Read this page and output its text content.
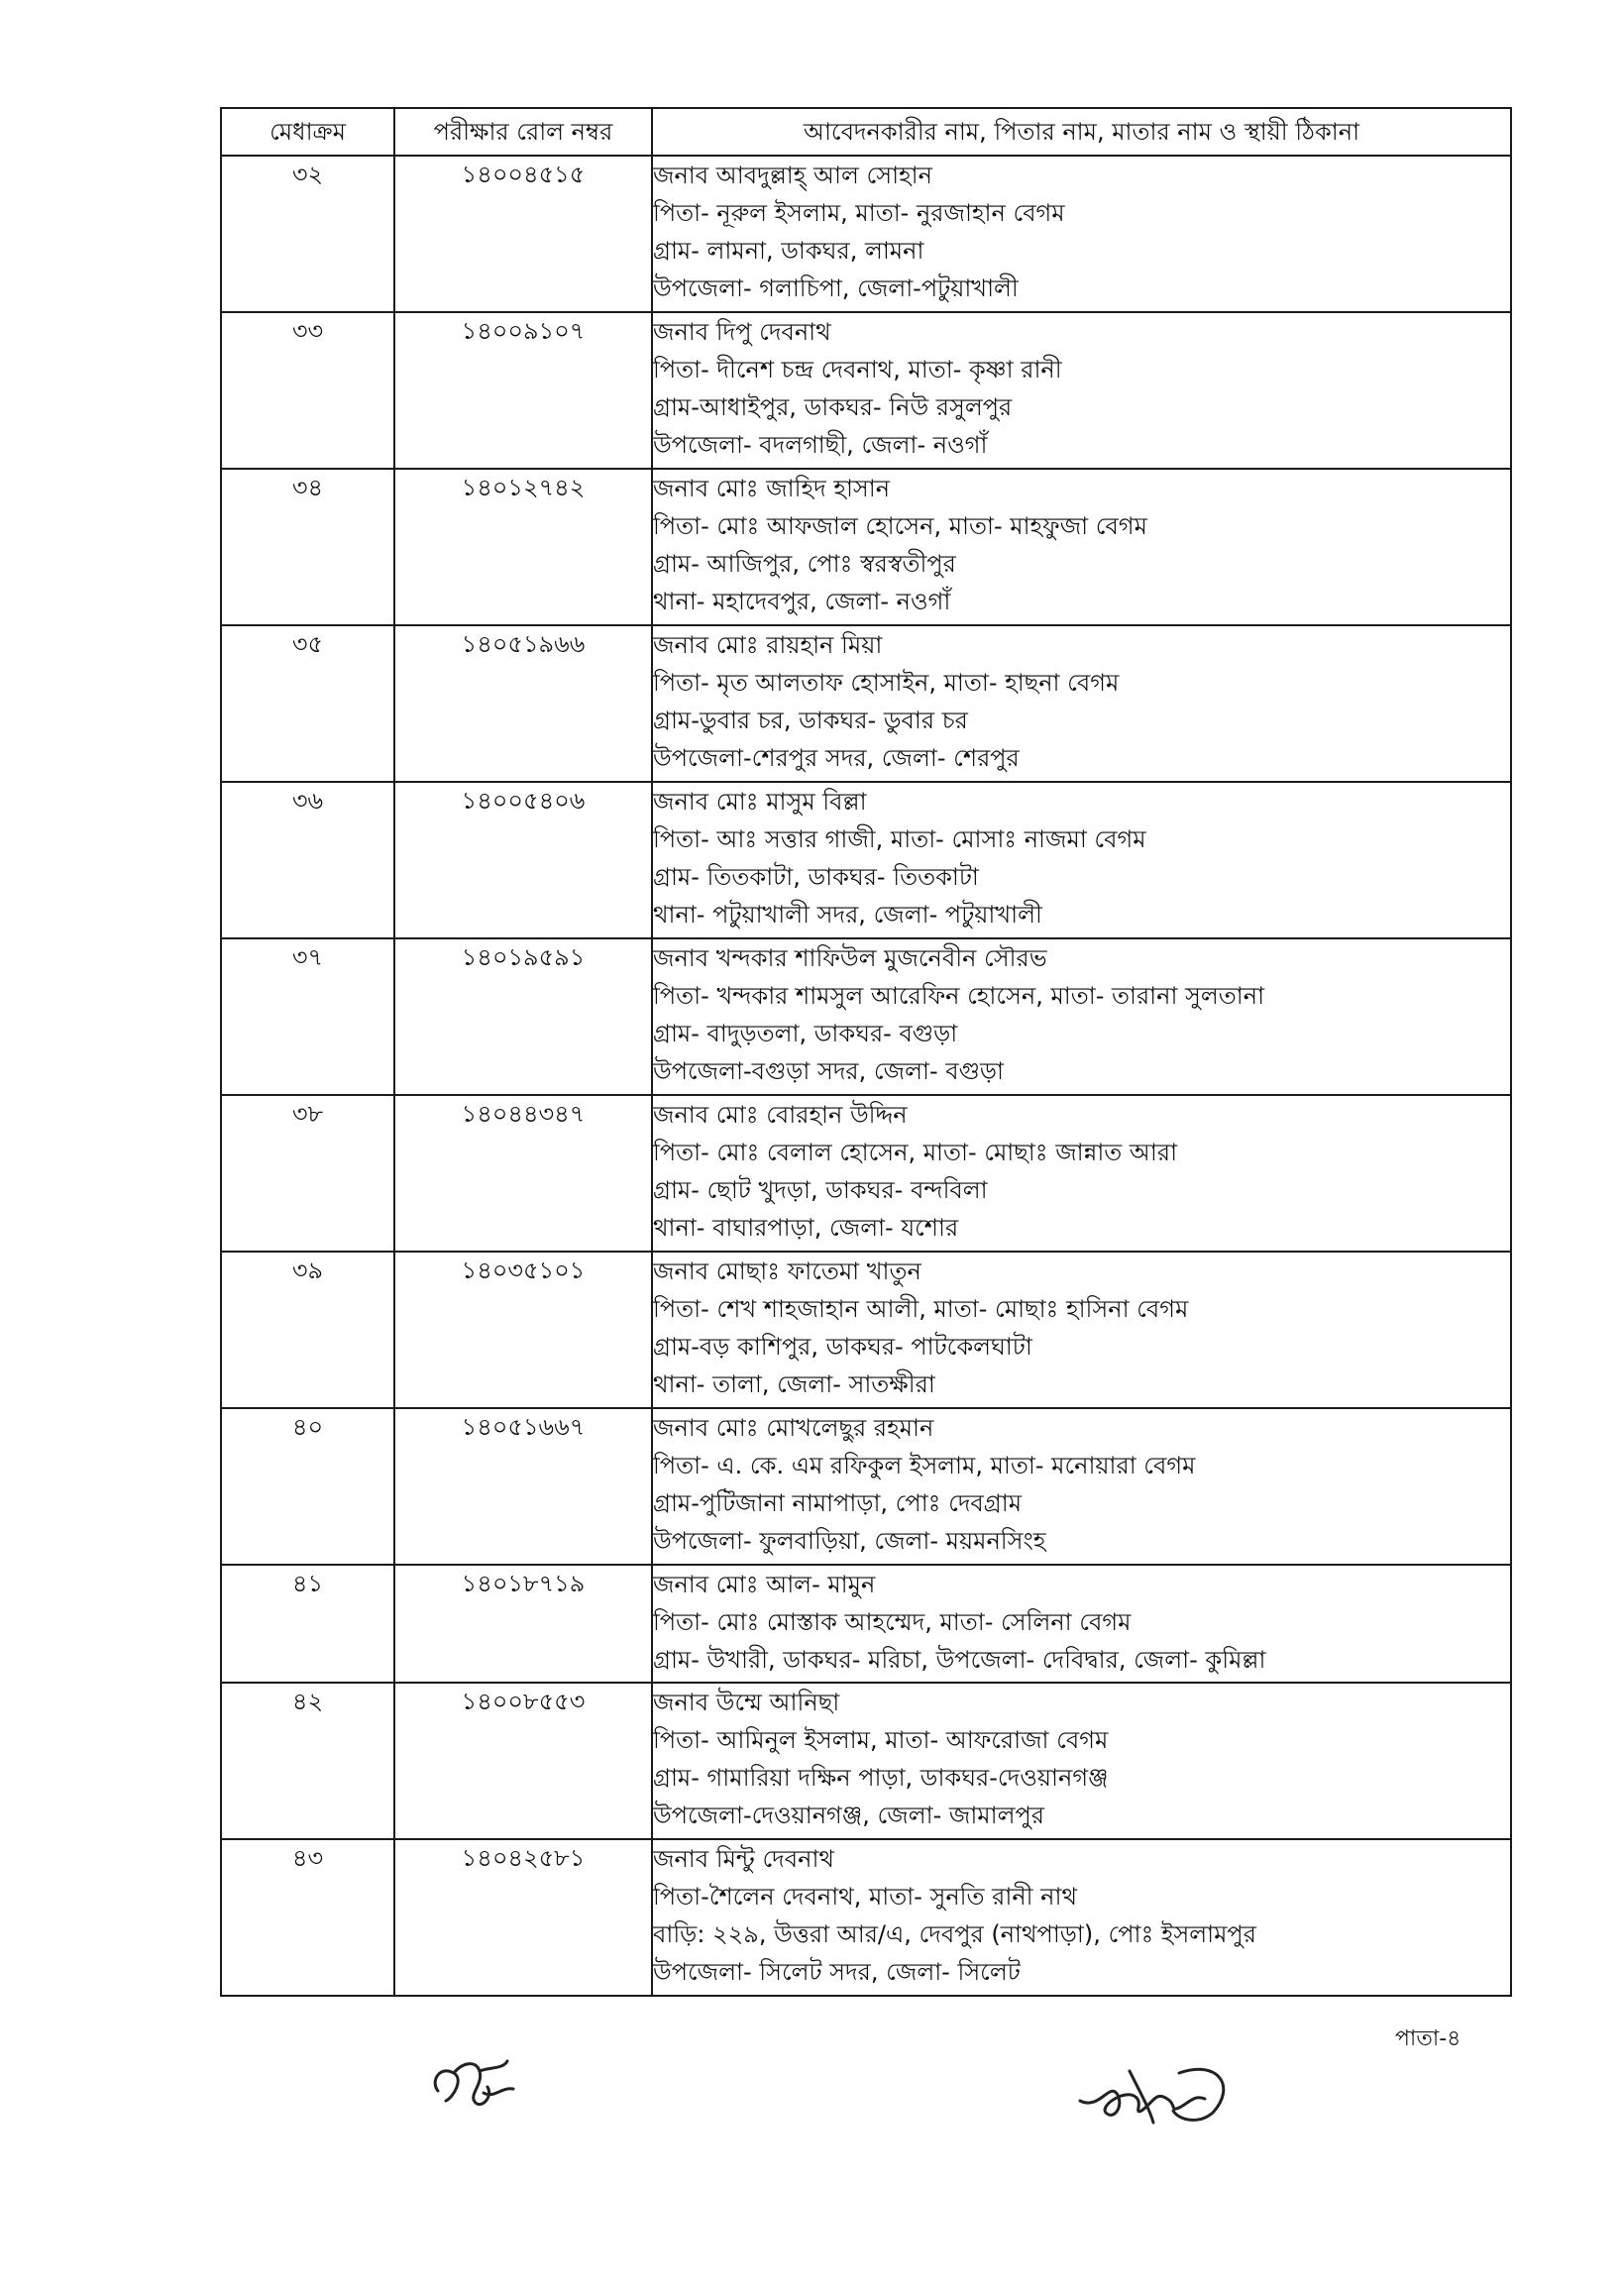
মেধাক্রম	পরীক্ষার রোল নম্বর	আবেদনকারীর নাম, পিতার নাম, মাতার নাম ও স্থায়ী ঠিকানা
৩২	১৪০০৪৫১৫	জনাব আবদুল্লাহ্ আল সোহান
পিতা- নূরুল ইসলাম, মাতা- নুরজাহান বেগম
গ্রাম- লামনা, ডাকঘর, লামনা
উপজেলা- গলাচিপা, জেলা-পটুয়াখালী

৩৩	১৪০০৯১০৭	জনাব দিপু দেবনাথ
পিতা- দীনেশ চন্দ্র দেবনাথ, মাতা- কৃষ্ণা রানী
গ্রাম-আধাইপুর, ডাকঘর- নিউ রসুলপুর
উপজেলা- বদলগাছী, জেলা- নওগাঁ

৩৪	১৪০১২৭৪২	জনাব মোঃ জাহিদ হাসান
পিতা- মোঃ আফজাল হোসেন, মাতা- মাহফুজা বেগম
গ্রাম- আজিপুর, পোঃ স্বরস্বতীপুর
থানা- মহাদেবপুর, জেলা- নওগাঁ

৩৫	১৪০৫১৯৬৬	জনাব মোঃ রায়হান মিয়া
পিতা- মৃত আলতাফ হোসাইন, মাতা- হাছনা বেগম
গ্রাম-ডুবার চর, ডাকঘর- ডুবার চর
উপজেলা-শেরপুর সদর, জেলা- শেরপুর

৩৬	১৪০০৫৪০৬	জনাব মোঃ মাসুম বিল্লা
পিতা- আঃ সত্তার গাজী, মাতা- মোসাঃ নাজমা বেগম
গ্রাম- তিতকাটা, ডাকঘর- তিতকাটা
থানা- পটুয়াখালী সদর, জেলা- পটুয়াখালী

৩৭	১৪০১৯৫৯১	জনাব খন্দকার শাফিউল মুজনেবীন সৌরভ
পিতা- খন্দকার শামসুল আরেফিন হোসেন, মাতা- তারানা সুলতানা
গ্রাম- বাদুড়তলা, ডাকঘর- বগুড়া
উপজেলা-বগুড়া সদর, জেলা- বগুড়া

৩৮	১৪০৪৪৩৪৭	জনাব মোঃ বোরহান উদ্দিন
পিতা- মোঃ বেলাল হোসেন, মাতা- মোছাঃ জান্নাত আরা
গ্রাম- ছোট খুদড়া, ডাকঘর- বন্দবিলা
থানা- বাঘারপাড়া, জেলা- যশোর

৩৯	১৪০৩৫১০১	জনাব মোছাঃ ফাতেমা খাতুন
পিতা- শেখ শাহজাহান আলী, মাতা- মোছাঃ হাসিনা বেগম
গ্রাম-বড় কাশিপুর, ডাকঘর- পাটকেলঘাটা
থানা- তালা, জেলা- সাতক্ষীরা

৪০	১৪০৫১৬৬৭	জনাব মোঃ মোখলেছুর রহমান
পিতা- এ. কে. এম রফিকুল ইসলাম, মাতা- মনোয়ারা বেগম
গ্রাম-পুটিজানা নামাপাড়া, পোঃ দেবগ্রাম
উপজেলা- ফুলবাড়িয়া, জেলা- ময়মনসিংহ

৪১	১৪০১৮৭১৯	জনাব মোঃ আল- মামুন
পিতা- মোঃ মোস্তাক আহম্মেদ, মাতা- সেলিনা বেগম
গ্রাম- উখারী, ডাকঘর- মরিচা, উপজেলা- দেবিদ্বার, জেলা- কুমিল্লা

৪২	১৪০০৮৫৫৩	জনাব উম্মে আনিছা
পিতা- আমিনুল ইসলাম, মাতা- আফরোজা বেগম
গ্রাম- গামারিয়া দক্ষিন পাড়া, ডাকঘর-দেওয়ানগঞ্জ
উপজেলা-দেওয়ানগঞ্জ, জেলা- জামালপুর

৪৩	১৪০৪২৫৮১	জনাব মিন্টু দেবনাথ
পিতা-শৈলেন দেবনাথ, মাতা- সুনতি রানী নাথ
বাড়ি: ২২৯, উত্তরা আর/এ, দেবপুর (নাথপাড়া), পোঃ ইসলামপুর
উপজেলা- সিলেট সদর, জেলা- সিলেট
পাতা-৪
